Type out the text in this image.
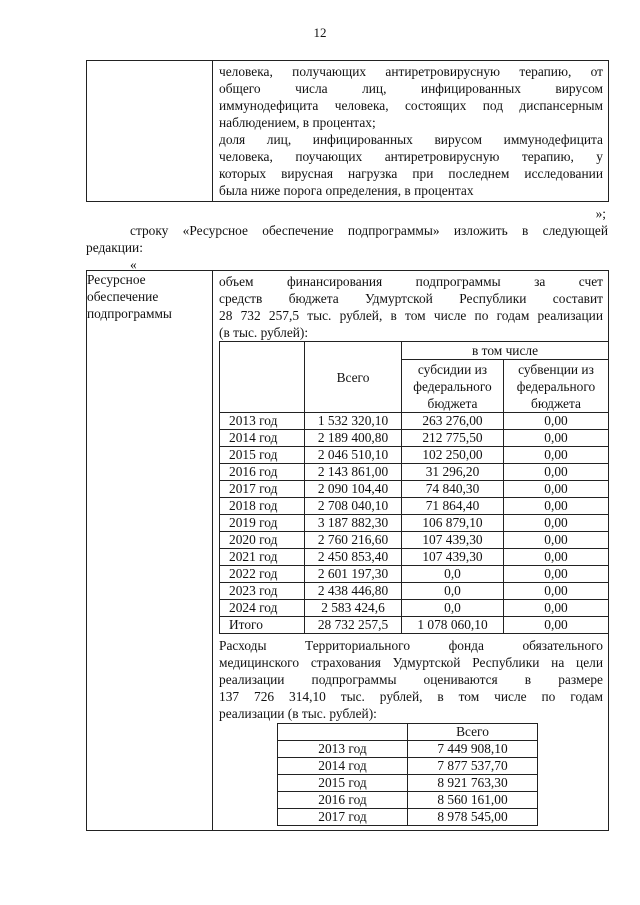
12

человека, получающих антиретровирусную терапию, от
общего числа лиц, инфицированных вирусом
иммунодефицита человека, состоящих под диспансерным
наблюдением, в процентах;
доля лиц, инфицированных вирусом иммунодефицита
человека, поучающих антиретровирусную терапию, у
которых вирусная нагрузка при последнем исследовании
была ниже порога определения, в процентах
»;
строку «Ресурсное обеспечение подпрограммы» изложить в следующей
редакции:
«
Ресурсное
обеспечение
подпрограммы

объем финансирования подпрограммы за счет
средств бюджета Удмуртской Республики составит
28 732 257,5 тыс. рублей, в том числе по годам реализации
(в тыс. рублей):
	Всего	в том числе

субсидии из
федерального
бюджета

субвенции из
федерального
бюджета

2013 год	1 532 320,10	263 276,00	0,00
2014 год	2 189 400,80	212 775,50	0,00
2015 год	2 046 510,10	102 250,00	0,00
2016 год	2 143 861,00	31 296,20	0,00
2017 год	2 090 104,40	74 840,30	0,00
2018 год	2 708 040,10	71 864,40	0,00
2019 год	3 187 882,30	106 879,10	0,00
2020 год	2 760 216,60	107 439,30	0,00
2021 год	2 450 853,40	107 439,30	0,00
2022 год	2 601 197,30	0,0	0,00
2023 год	2 438 446,80	0,0	0,00
2024 год	2 583 424,6	0,0	0,00
Итого	28 732 257,5	1 078 060,10	0,00
Расходы Территориального фонда обязательного
медицинского страхования Удмуртской Республики на цели
реализации подпрограммы оцениваются в размере
137 726 314,10 тыс. рублей, в том числе по годам
реализации (в тыс. рублей):
	Всего
2013 год	7 449 908,10
2014 год	7 877 537,70
2015 год	8 921 763,30
2016 год	8 560 161,00
2017 год	8 978 545,00
